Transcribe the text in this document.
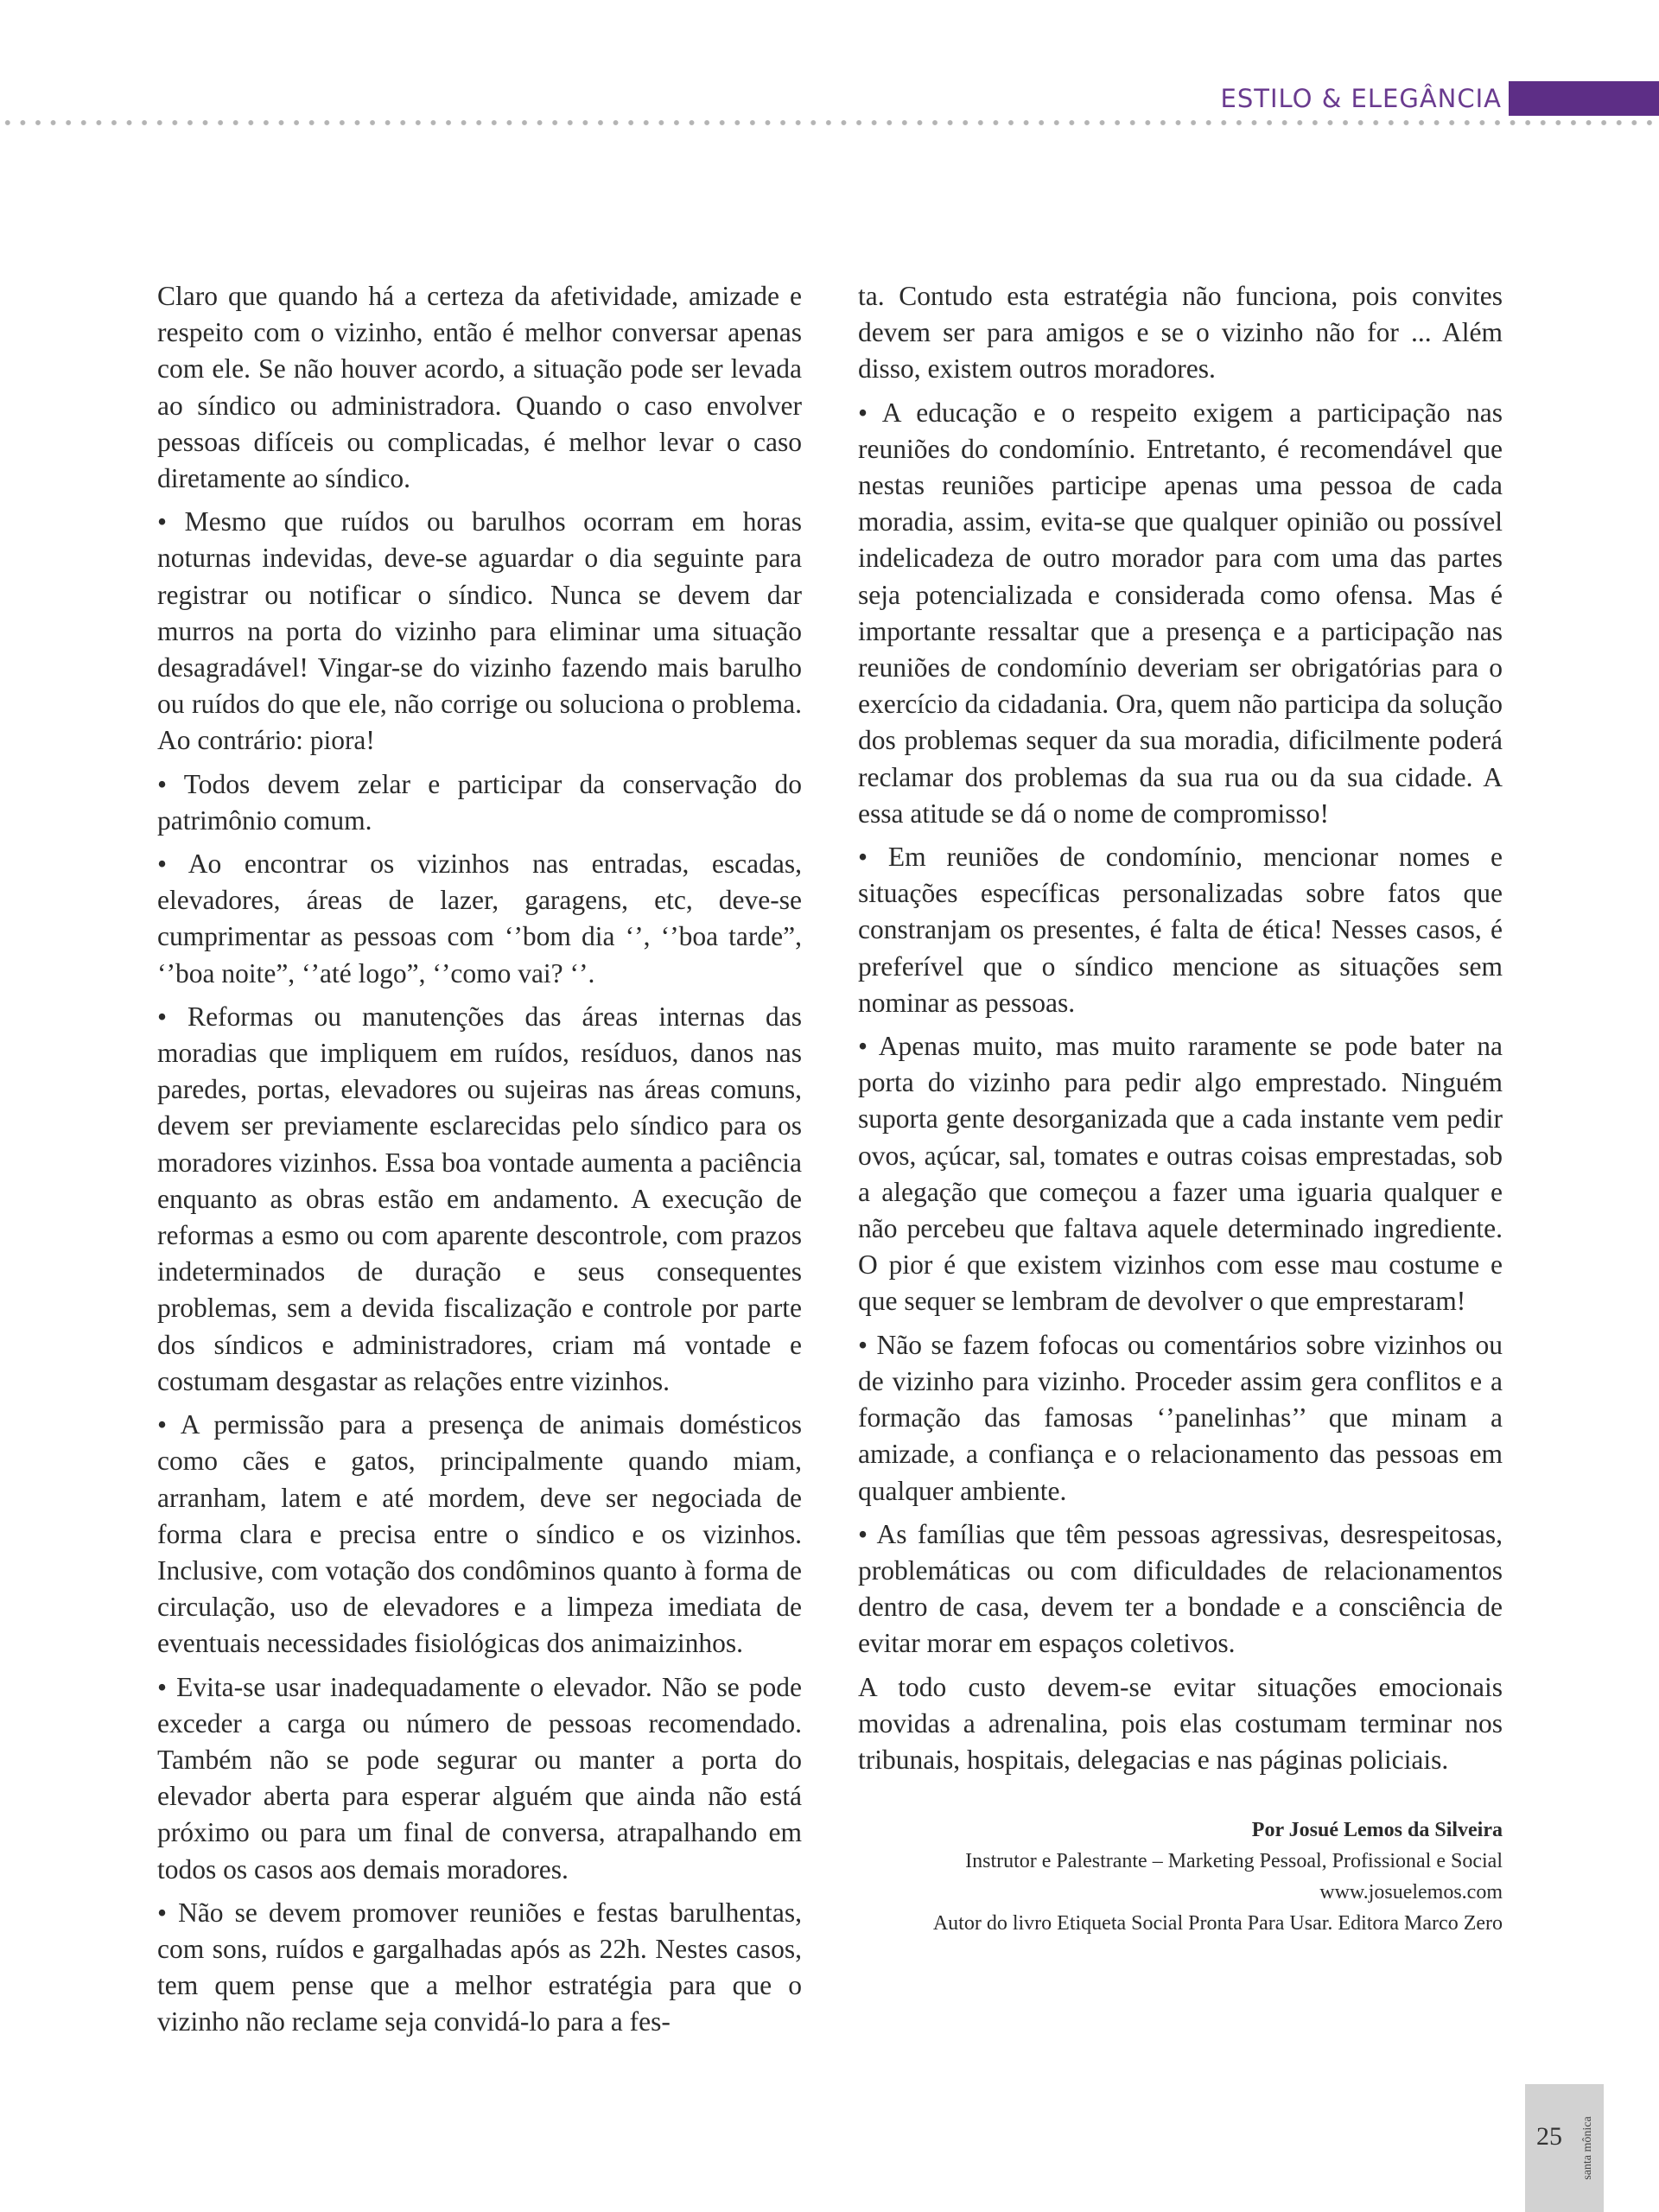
ESTILO & ELEGÂNCIA

Claro que quando há a certeza da afetividade, amizade e respeito com o vizinho, então é melhor conversar apenas com ele. Se não houver acordo, a situação pode ser levada ao síndico ou administradora. Quando o caso envolver pessoas difíceis ou complicadas, é melhor levar o caso diretamente ao síndico.

• Mesmo que ruídos ou barulhos ocorram em horas noturnas indevidas, deve-se aguardar o dia seguinte para registrar ou notificar o síndico. Nunca se devem dar murros na porta do vizinho para eliminar uma situação desagradável! Vingar-se do vizinho fazendo mais barulho ou ruídos do que ele, não corrige ou soluciona o problema. Ao contrário: piora!

• Todos devem zelar e participar da conservação do patrimônio comum.

• Ao encontrar os vizinhos nas entradas, escadas, elevadores, áreas de lazer, garagens, etc, deve-se cumprimentar as pessoas com ‘’bom dia ‘’, ‘’boa tarde”, ‘’boa noite”, ‘’até logo”, ‘’como vai? ‘’.

• Reformas ou manutenções das áreas internas das moradias que impliquem em ruídos, resíduos, danos nas paredes, portas, elevadores ou sujeiras nas áreas comuns, devem ser previamente esclarecidas pelo síndico para os moradores vizinhos. Essa boa vontade aumenta a paciência enquanto as obras estão em andamento. A execução de reformas a esmo ou com aparente descontrole, com prazos indeterminados de duração e seus consequentes problemas, sem a devida fiscalização e controle por parte dos síndicos e administradores, criam má vontade e costumam desgastar as relações entre vizinhos.

• A permissão para a presença de animais domésticos como cães e gatos, principalmente quando miam, arranham, latem e até mordem, deve ser negociada de forma clara e precisa entre o síndico e os vizinhos. Inclusive, com votação dos condôminos quanto à forma de circulação, uso de elevadores e a limpeza imediata de eventuais necessidades fisiológicas dos animaizinhos.

• Evita-se usar inadequadamente o elevador. Não se pode exceder a carga ou número de pessoas recomendado. Também não se pode segurar ou manter a porta do elevador aberta para esperar alguém que ainda não está próximo ou para um final de conversa, atrapalhando em todos os casos aos demais moradores.

• Não se devem promover reuniões e festas barulhentas, com sons, ruídos e gargalhadas após as 22h. Nestes casos, tem quem pense que a melhor estratégia para que o vizinho não reclame seja convidá-lo para a fes-

ta. Contudo esta estratégia não funciona, pois convites devem ser para amigos e se o vizinho não for ... Além disso, existem outros moradores.

• A educação e o respeito exigem a participação nas reuniões do condomínio. Entretanto, é recomendável que nestas reuniões participe apenas uma pessoa de cada moradia, assim, evita-se que qualquer opinião ou possível indelicadeza de outro morador para com uma das partes seja potencializada e considerada como ofensa. Mas é importante ressaltar que a presença e a participação nas reuniões de condomínio deveriam ser obrigatórias para o exercício da cidadania. Ora, quem não participa da solução dos problemas sequer da sua moradia, dificilmente poderá reclamar dos problemas da sua rua ou da sua cidade. A essa atitude se dá o nome de compromisso!

• Em reuniões de condomínio, mencionar nomes e situações específicas personalizadas sobre fatos que constranjam os presentes, é falta de ética! Nesses casos, é preferível que o síndico mencione as situações sem nominar as pessoas.

• Apenas muito, mas muito raramente se pode bater na porta do vizinho para pedir algo emprestado. Ninguém suporta gente desorganizada que a cada instante vem pedir ovos, açúcar, sal, tomates e outras coisas emprestadas, sob a alegação que começou a fazer uma iguaria qualquer e não percebeu que faltava aquele determinado ingrediente. O pior é que existem vizinhos com esse mau costume e que sequer se lembram de devolver o que emprestaram!

• Não se fazem fofocas ou comentários sobre vizinhos ou de vizinho para vizinho. Proceder assim gera conflitos e a formação das famosas ‘’panelinhas’’ que minam a amizade, a confiança e o relacionamento das pessoas em qualquer ambiente.

• As famílias que têm pessoas agressivas, desrespeitosas, problemáticas ou com dificuldades de relacionamentos dentro de casa, devem ter a bondade e a consciência de evitar morar em espaços coletivos.

A todo custo devem-se evitar situações emocionais movidas a adrenalina, pois elas costumam terminar nos tribunais, hospitais, delegacias e nas páginas policiais.

Por Josué Lemos da Silveira
Instrutor e Palestrante – Marketing Pessoal, Profissional e Social
www.josuelemos.com
Autor do livro Etiqueta Social Pronta Para Usar. Editora Marco Zero
25 santa mônica
